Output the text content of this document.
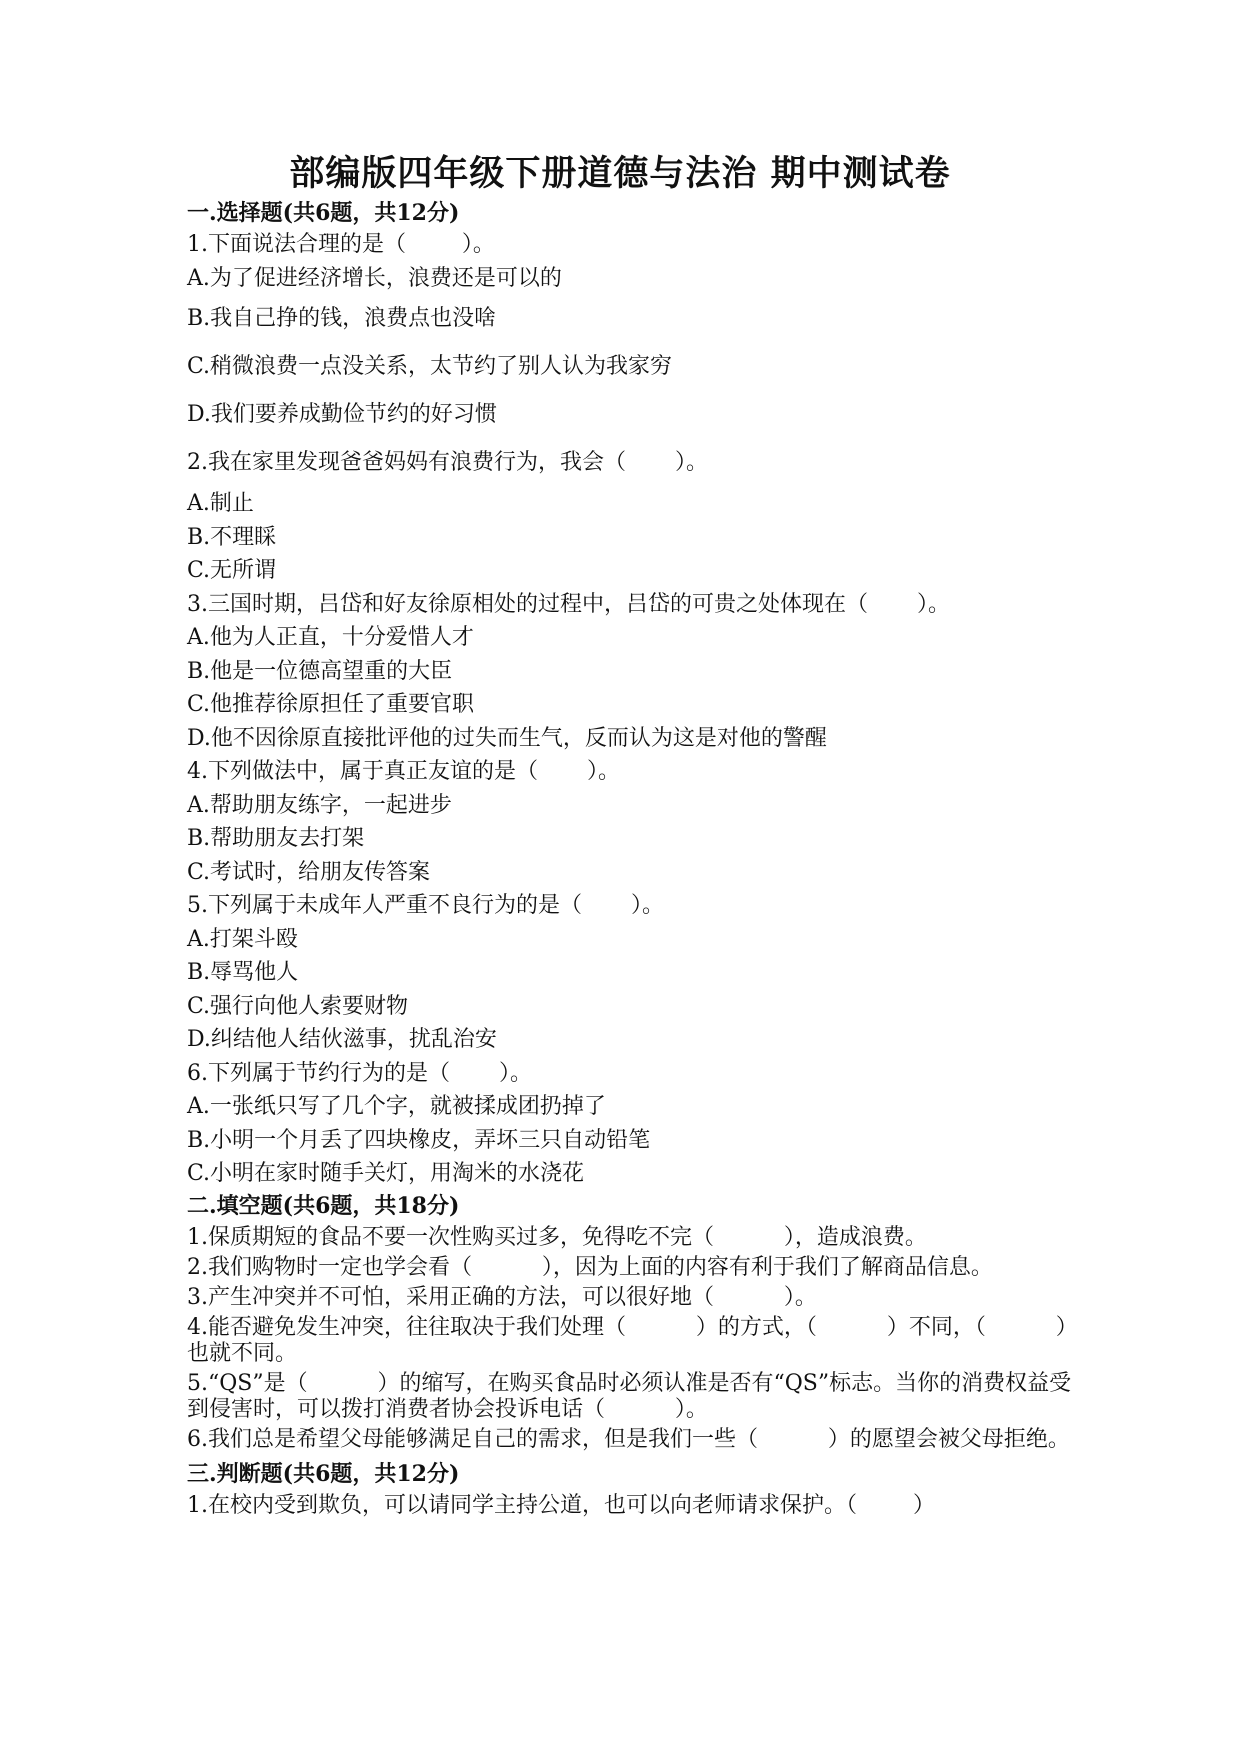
部编版四年级下册道德与法治 期中测试卷
一.选择题(共6题，共12分)
1.下面说法合理的是（        ）。
A.为了促进经济增长，浪费还是可以的
B.我自己挣的钱，浪费点也没啥
C.稍微浪费一点没关系，太节约了别人认为我家穷
D.我们要养成勤俭节约的好习惯
2.我在家里发现爸爸妈妈有浪费行为，我会（       ）。
A.制止
B.不理睬
C.无所谓
3.三国时期，吕岱和好友徐原相处的过程中，吕岱的可贵之处体现在（       ）。
A.他为人正直，十分爱惜人才
B.他是一位德高望重的大臣
C.他推荐徐原担任了重要官职
D.他不因徐原直接批评他的过失而生气，反而认为这是对他的警醒
4.下列做法中，属于真正友谊的是（       ）。
A.帮助朋友练字，一起进步
B.帮助朋友去打架
C.考试时，给朋友传答案
5.下列属于未成年人严重不良行为的是（       ）。
A.打架斗殴
B.辱骂他人
C.强行向他人索要财物
D.纠结他人结伙滋事，扰乱治安
6.下列属于节约行为的是（       ）。
A.一张纸只写了几个字，就被揉成团扔掉了
B.小明一个月丢了四块橡皮，弄坏三只自动铅笔
C.小明在家时随手关灯，用淘米的水浇花
二.填空题(共6题，共18分)
1.保质期短的食品不要一次性购买过多，免得吃不完（          ），造成浪费。
2.我们购物时一定也学会看（          ），因为上面的内容有利于我们了解商品信息。
3.产生冲突并不可怕，采用正确的方法，可以很好地（          ）。
4.能否避免发生冲突，往往取决于我们处理（          ）的方式，（          ）不同，（          ）也就不同。
5.“QS”是（          ）的缩写，在购买食品时必须认准是否有“QS”标志。当你的消费权益受到侵害时，可以拨打消费者协会投诉电话（          ）。
6.我们总是希望父母能够满足自己的需求，但是我们一些（          ）的愿望会被父母拒绝。
三.判断题(共6题，共12分)
1.在校内受到欺负，可以请同学主持公道，也可以向老师请求保护。（        ）
